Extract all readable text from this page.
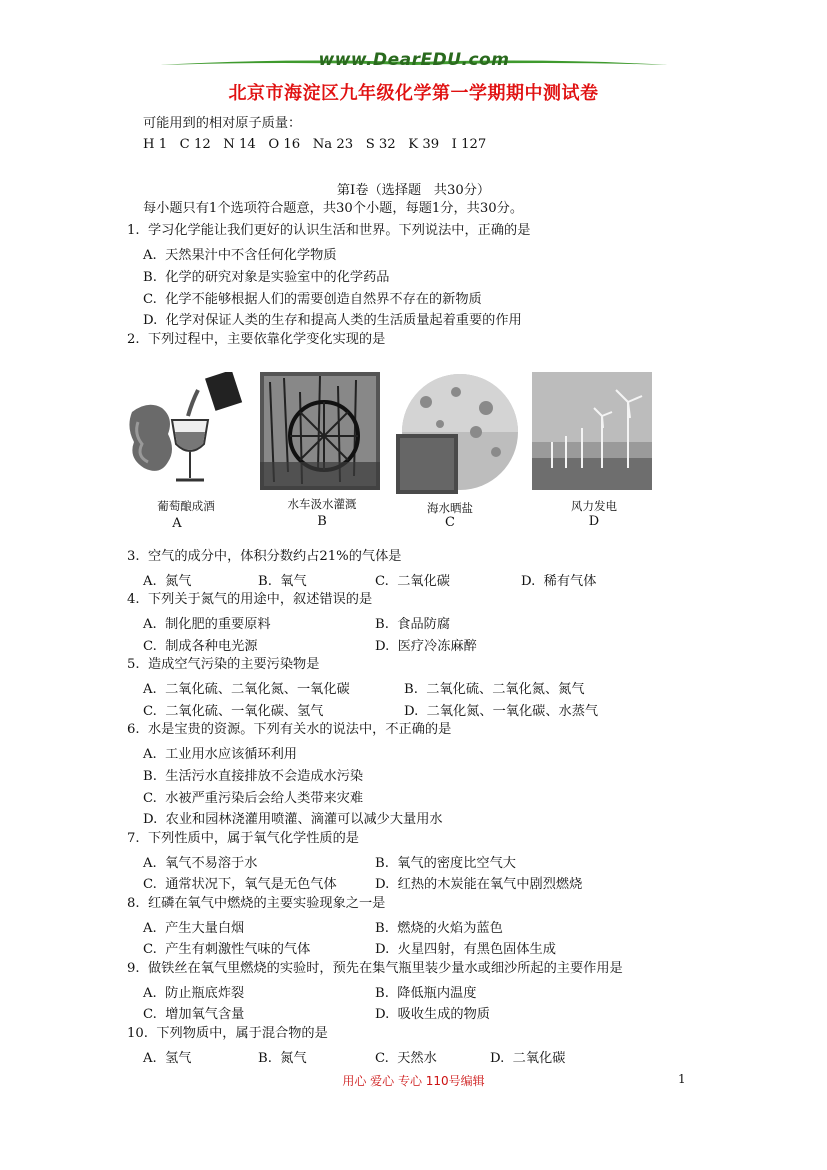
www.DearEDU.com
北京市海淀区九年级化学第一学期期中测试卷
可能用到的相对原子质量：
H 1   C 12   N 14   O 16   Na 23   S 32   K 39   I 127
第Ⅰ卷（选择题   共30分）
每小题只有1个选项符合题意，共30个小题，每题1分，共30分。
1.  学习化学能让我们更好的认识生活和世界。下列说法中，正确的是
A.  天然果汁中不含任何化学物质
B.  化学的研究对象是实验室中的化学药品
C.  化学不能够根据人们的需要创造自然界不存在的新物质
D.  化学对保证人类的生存和提高人类的生活质量起着重要的作用
2.  下列过程中，主要依靠化学变化实现的是
葡萄酿成酒
A
水车汲水灌溉
B
海水晒盐
C
风力发电
D
3.  空气的成分中，体积分数约占21%的气体是
A.  氮气	B.  氧气	C.  二氧化碳	D.  稀有气体
4.  下列关于氮气的用途中，叙述错误的是
A.  制化肥的重要原料	B.  食品防腐
C.  制成各种电光源	D.  医疗冷冻麻醉
5.  造成空气污染的主要污染物是
A.  二氧化硫、二氧化氮、一氧化碳	B.  二氧化硫、二氧化氮、氮气
C.  二氧化硫、一氧化碳、氢气	D.  二氧化氮、一氧化碳、水蒸气
6.  水是宝贵的资源。下列有关水的说法中，不正确的是
A.  工业用水应该循环利用
B.  生活污水直接排放不会造成水污染
C.  水被严重污染后会给人类带来灾难
D.  农业和园林浇灌用喷灌、滴灌可以减少大量用水
7.  下列性质中，属于氧气化学性质的是
A.  氧气不易溶于水	B.  氧气的密度比空气大
C.  通常状况下，氧气是无色气体	D.  红热的木炭能在氧气中剧烈燃烧
8.  红磷在氧气中燃烧的主要实验现象之一是
A.  产生大量白烟	B.  燃烧的火焰为蓝色
C.  产生有刺激性气味的气体	D.  火星四射，有黑色固体生成
9.  做铁丝在氧气里燃烧的实验时，预先在集气瓶里装少量水或细沙所起的主要作用是
A.  防止瓶底炸裂	B.  降低瓶内温度
C.  增加氧气含量	D.  吸收生成的物质
10.  下列物质中，属于混合物的是
A.  氢气	B.  氮气	C.  天然水	D.  二氧化碳
用心 爱心 专心 110号编辑	1
